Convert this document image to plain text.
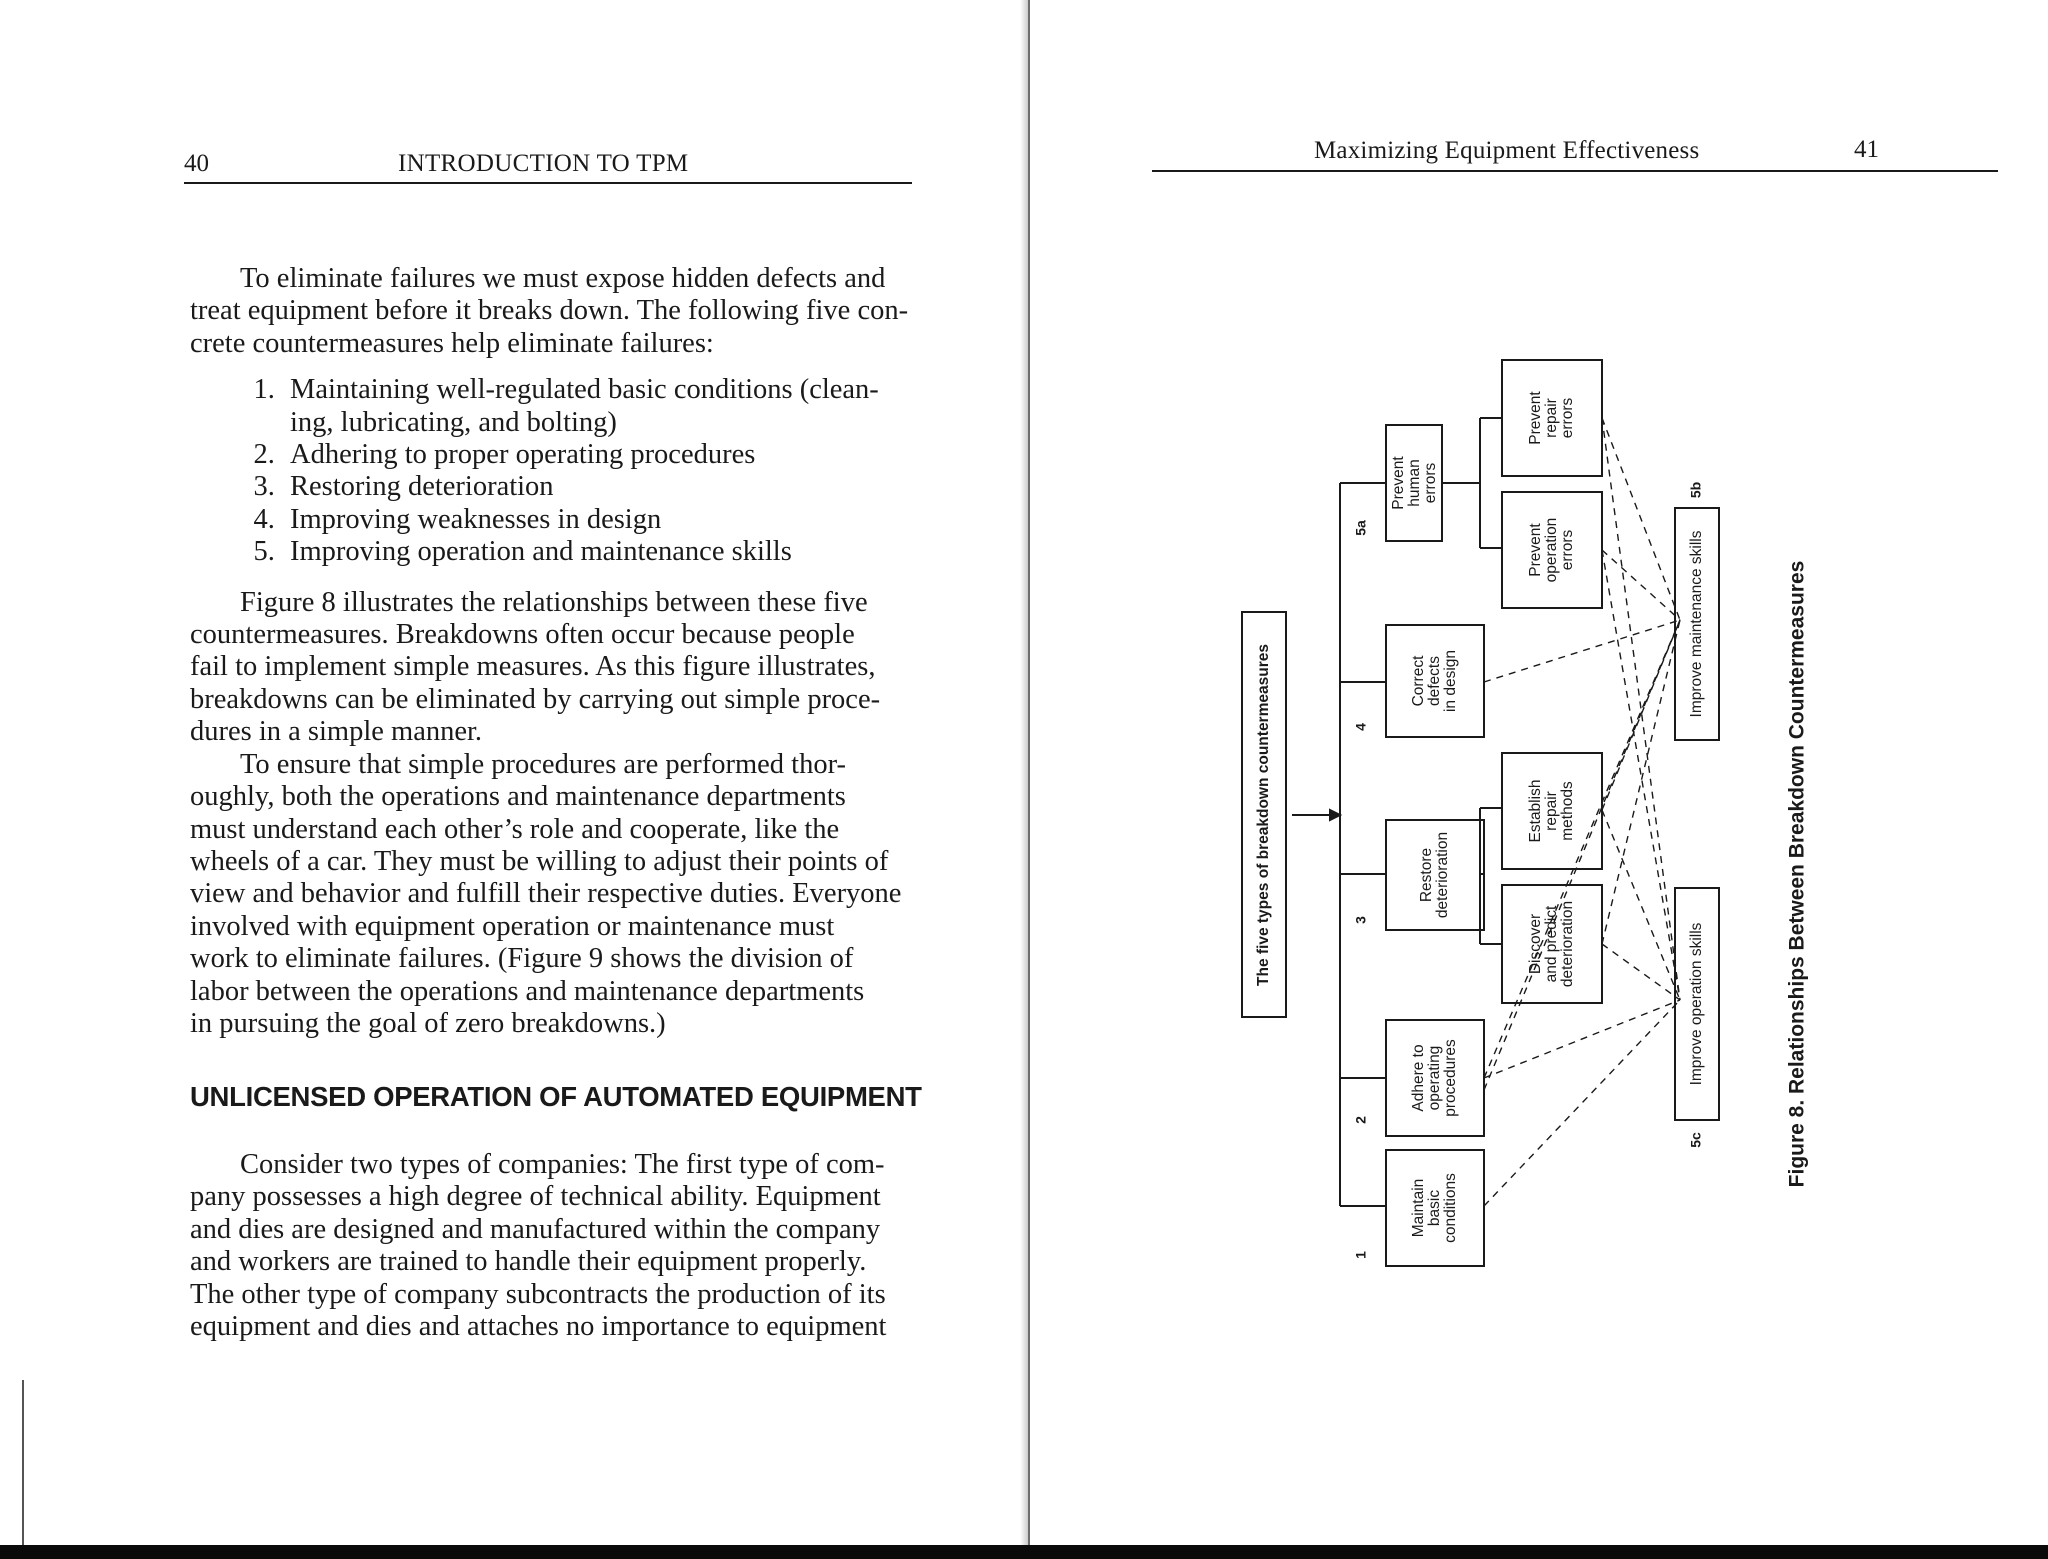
40	INTRODUCTION TO TPM

To eliminate failures we must expose hidden defects and
treat equipment before it breaks down. The following five con-
crete countermeasures help eliminate failures:

1. Maintaining well-regulated basic conditions (clean-
ing, lubricating, and bolting)
2. Adhering to proper operating procedures
3. Restoring deterioration
4. Improving weaknesses in design
5. Improving operation and maintenance skills

Figure 8 illustrates the relationships between these five
countermeasures. Breakdowns often occur because people
fail to implement simple measures. As this figure illustrates,
breakdowns can be eliminated by carrying out simple proce-
dures in a simple manner.

To ensure that simple procedures are performed thor-
oughly, both the operations and maintenance departments
must understand each other’s role and cooperate, like the
wheels of a car. They must be willing to adjust their points of
view and behavior and fulfill their respective duties. Everyone
involved with equipment operation or maintenance must
work to eliminate failures. (Figure 9 shows the division of
labor between the operations and maintenance departments
in pursuing the goal of zero breakdowns.)

UNLICENSED OPERATION OF AUTOMATED EQUIPMENT

Consider two types of companies: The first type of com-
pany possesses a high degree of technical ability. Equipment
and dies are designed and manufactured within the company
and workers are trained to handle their equipment properly.
The other type of company subcontracts the production of its
equipment and dies and attaches no importance to equipment

Maximizing Equipment Effectiveness	41
The five types of breakdown countermeasures
5a
4
3
2
1
Prevent human errors
Correct defects in design
Restore deterioration
Adhere to operating procedures
Maintain basic conditions
Prevent repair errors
Prevent operation errors
Establish repair methods
Discover and predict deterioration
Improve maintenance skills
Improve operation skills
5b
5c	Figure 8. Relationships Between Breakdown Countermeasures
